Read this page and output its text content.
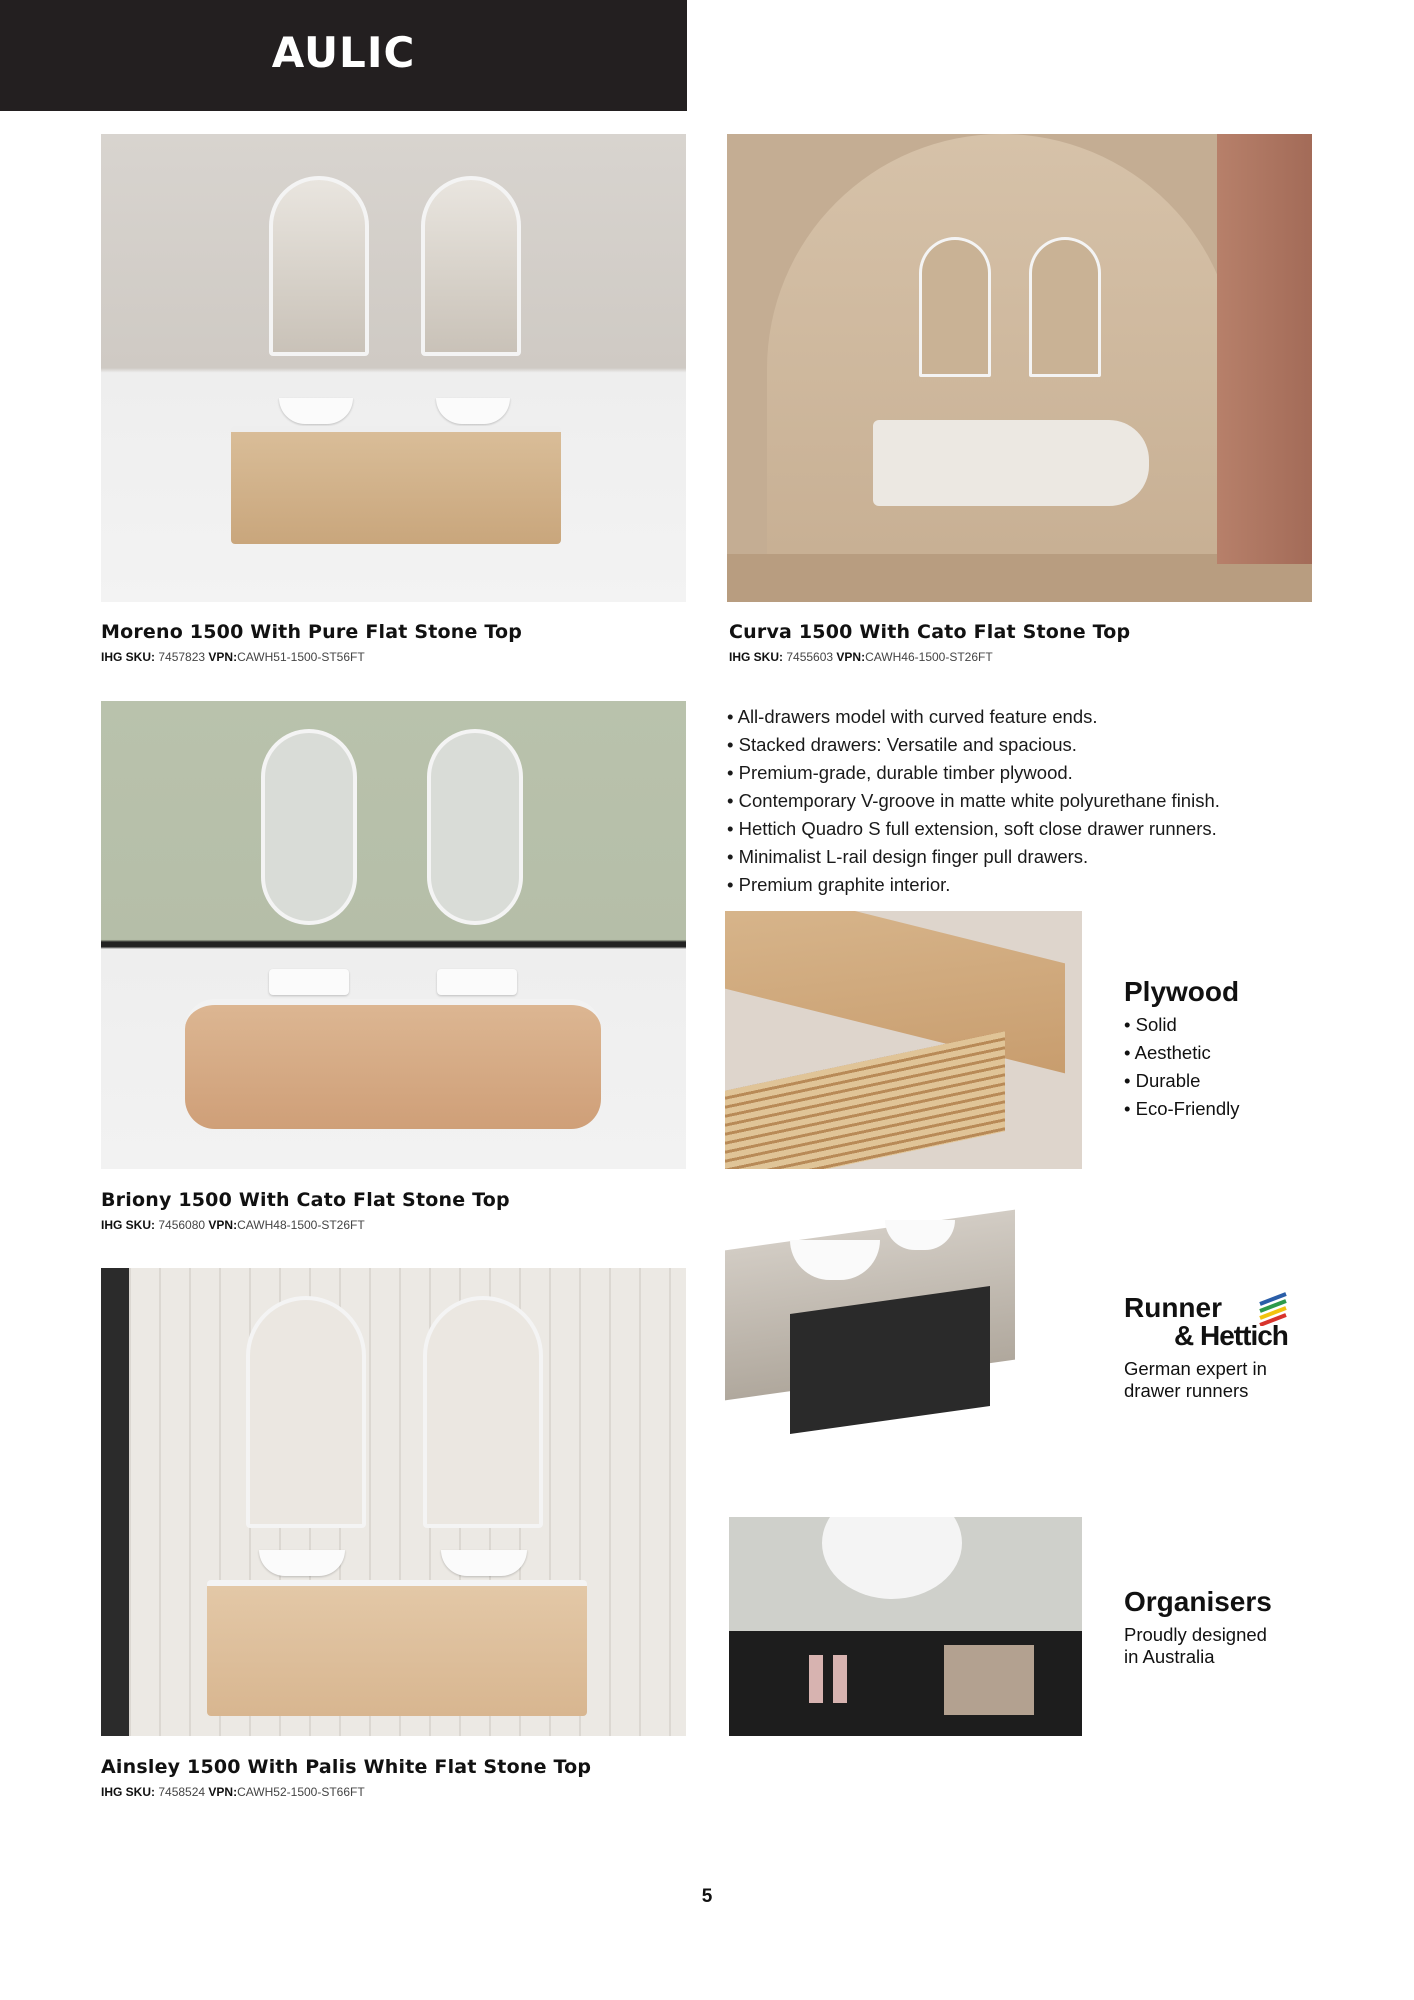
AULIC
Moreno 1500 With Pure Flat Stone Top
IHG SKU: 7457823 VPN:CAWH51-1500-ST56FT
Curva 1500 With Cato Flat Stone Top
IHG SKU: 7455603 VPN:CAWH46-1500-ST26FT
Briony 1500 With Cato Flat Stone Top
IHG SKU: 7456080 VPN:CAWH48-1500-ST26FT
• All-drawers model with curved feature ends.
• Stacked drawers: Versatile and spacious.
• Premium-grade, durable timber plywood.
• Contemporary V-groove in matte white polyurethane finish.
• Hettich Quadro S full extension, soft close drawer runners.
• Minimalist L-rail design finger pull drawers.
• Premium graphite interior.
Plywood
• Solid
• Aesthetic
• Durable
• Eco-Friendly
Runner
& Hettich
German expert in
drawer runners
Ainsley 1500 With Palis White Flat Stone Top
IHG SKU: 7458524 VPN:CAWH52-1500-ST66FT
Organisers
Proudly designed
in Australia
5
